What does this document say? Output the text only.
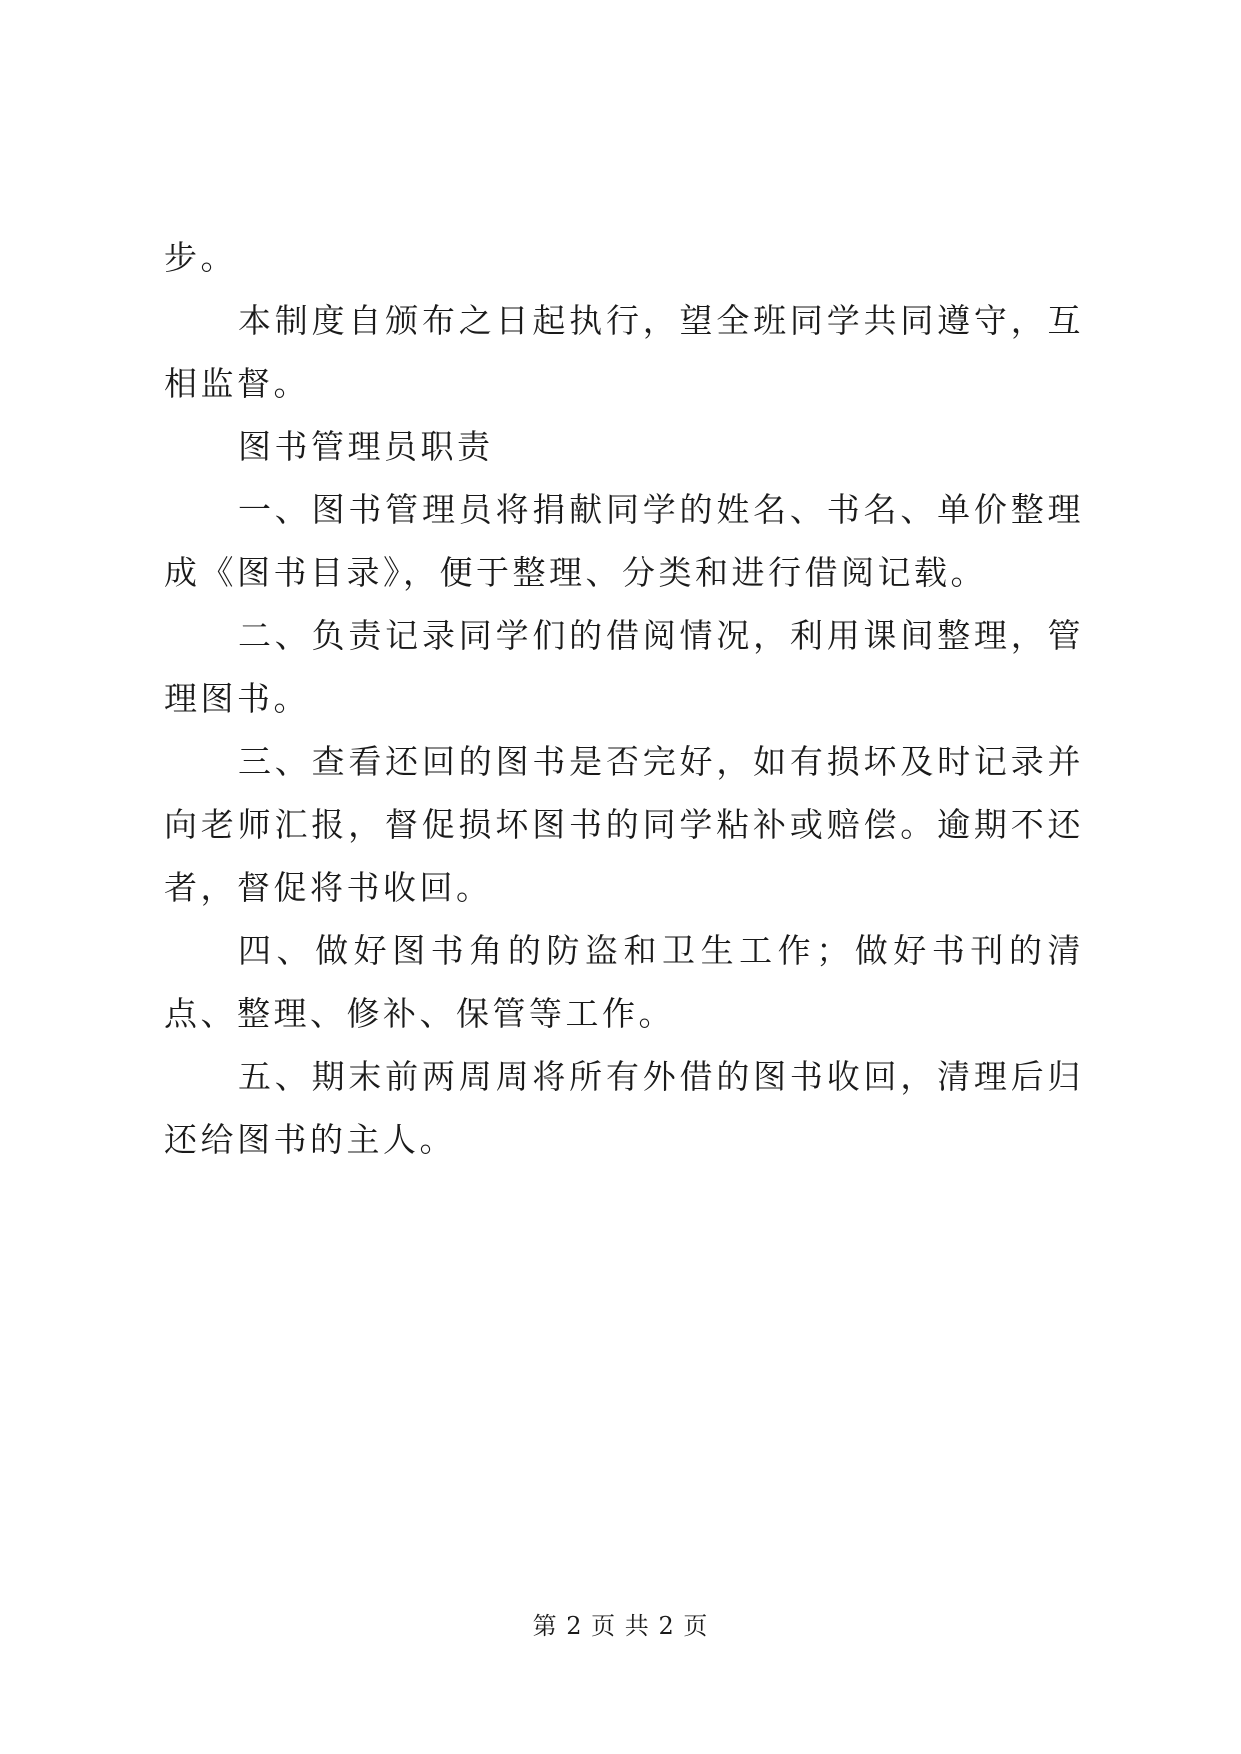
步。

本制度自颁布之日起执行，望全班同学共同遵守，互相监督。

图书管理员职责

一、图书管理员将捐献同学的姓名、书名、单价整理成《图书目录》，便于整理、分类和进行借阅记载。

二、负责记录同学们的借阅情况，利用课间整理，管理图书。

三、查看还回的图书是否完好，如有损坏及时记录并向老师汇报，督促损坏图书的同学粘补或赔偿。逾期不还者，督促将书收回。

四、做好图书角的防盗和卫生工作；做好书刊的清点、整理、修补、保管等工作。

五、期末前两周周将所有外借的图书收回，清理后归还给图书的主人。

第 2 页 共 2 页
